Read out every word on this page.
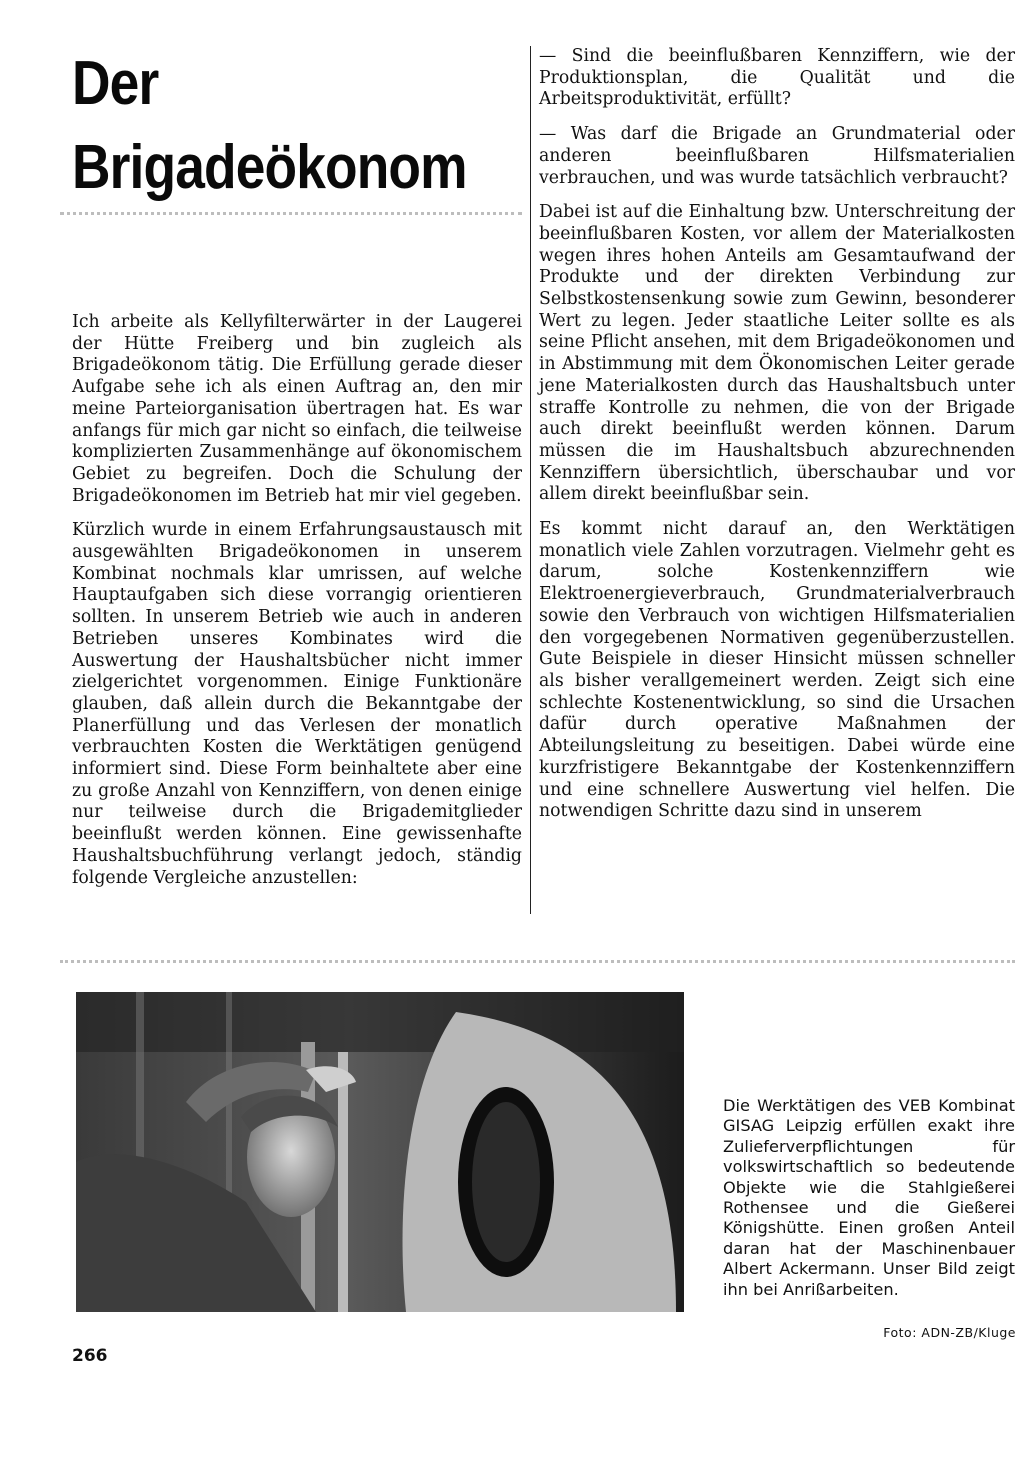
Der
Brigadeökonom

Ich arbeite als Kellyfilterwärter in der Laugerei der Hütte Freiberg und bin zugleich als Brigadeökonom tätig. Die Erfüllung gerade dieser Aufgabe sehe ich als einen Auftrag an, den mir meine Parteiorganisation übertragen hat. Es war anfangs für mich gar nicht so einfach, die teilweise komplizierten Zusammenhänge auf ökonomischem Gebiet zu begreifen. Doch die Schulung der Brigadeökonomen im Betrieb hat mir viel gegeben.

Kürzlich wurde in einem Erfahrungsaustausch mit ausgewählten Brigadeökonomen in unserem Kombinat nochmals klar umrissen, auf welche Hauptaufgaben sich diese vorrangig orientieren sollten. In unserem Betrieb wie auch in anderen Betrieben unseres Kombinates wird die Auswertung der Haushaltsbücher nicht immer zielgerichtet vorgenommen. Einige Funktionäre glauben, daß allein durch die Bekanntgabe der Planerfüllung und das Verlesen der monatlich verbrauchten Kosten die Werktätigen genügend informiert sind. Diese Form beinhaltete aber eine zu große Anzahl von Kennziffern, von denen einige nur teilweise durch die Brigademitglieder beeinflußt werden können. Eine gewissenhafte Haushaltsbuchführung verlangt jedoch, ständig folgende Vergleiche anzustellen:

— Sind die beeinflußbaren Kennziffern, wie der Produktionsplan, die Qualität und die Arbeitsproduktivität, erfüllt?

— Was darf die Brigade an Grundmaterial oder anderen beeinflußbaren Hilfsmaterialien verbrauchen, und was wurde tatsächlich verbraucht?

Dabei ist auf die Einhaltung bzw. Unterschreitung der beeinflußbaren Kosten, vor allem der Materialkosten wegen ihres hohen Anteils am Gesamtaufwand der Produkte und der direkten Verbindung zur Selbstkostensenkung sowie zum Gewinn, besonderer Wert zu legen. Jeder staatliche Leiter sollte es als seine Pflicht ansehen, mit dem Brigadeökonomen und in Abstimmung mit dem Ökonomischen Leiter gerade jene Materialkosten durch das Haushaltsbuch unter straffe Kontrolle zu nehmen, die von der Brigade auch direkt beeinflußt werden können. Darum müssen die im Haushaltsbuch abzurechnenden Kennziffern übersichtlich, überschaubar und vor allem direkt beeinflußbar sein.

Es kommt nicht darauf an, den Werktätigen monatlich viele Zahlen vorzutragen. Vielmehr geht es darum, solche Kostenkennziffern wie Elektroenergieverbrauch, Grundmaterialverbrauch sowie den Verbrauch von wichtigen Hilfsmaterialien den vorgegebenen Normativen gegenüberzustellen. Gute Beispiele in dieser Hinsicht müssen schneller als bisher verallgemeinert werden. Zeigt sich eine schlechte Kostenentwicklung, so sind die Ursachen dafür durch operative Maßnahmen der Abteilungsleitung zu beseitigen. Dabei würde eine kurzfristigere Bekanntgabe der Kostenkennziffern und eine schnellere Auswertung viel helfen. Die notwendigen Schritte dazu sind in unserem

Die Werktätigen des VEB Kombinat GISAG Leipzig erfüllen exakt ihre Zulieferverpflichtungen für volkswirtschaftlich so bedeutende Objekte wie die Stahlgießerei Rothensee und die Gießerei Königshütte. Einen großen Anteil daran hat der Maschinenbauer Albert Ackermann. Unser Bild zeigt ihn bei Anrißarbeiten.
Foto: ADN-ZB/Kluge
266
